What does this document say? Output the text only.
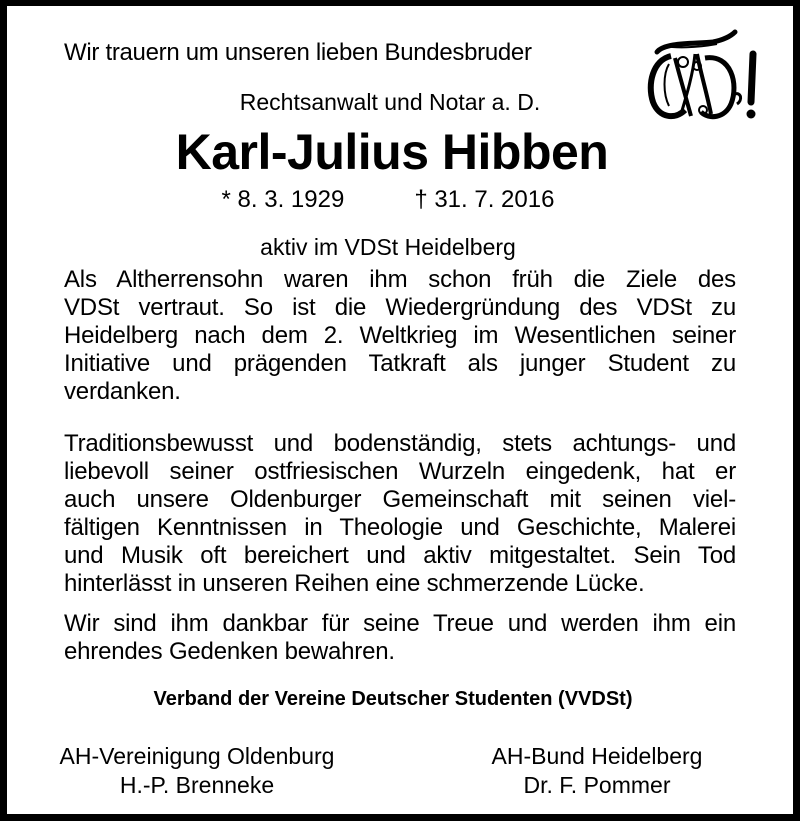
Wir trauern um unseren lieben Bundesbruder
Rechtsanwalt und Notar a. D.
Karl-Julius Hibben
* 8. 3. 1929	† 31. 7. 2016
aktiv im VDSt Heidelberg
Als Altherrensohn waren ihm schon früh die Ziele des
VDSt vertraut. So ist die Wiedergründung des VDSt zu
Heidelberg nach dem 2. Weltkrieg im Wesentlichen seiner
Initiative und prägenden Tatkraft als junger Student zu
verdanken.
Traditionsbewusst und bodenständig, stets achtungs- und
liebevoll seiner ostfriesischen Wurzeln eingedenk, hat er
auch unsere Oldenburger Gemeinschaft mit seinen viel-
fältigen Kenntnissen in Theologie und Geschichte, Malerei
und Musik oft bereichert und aktiv mitgestaltet. Sein Tod
hinterlässt in unseren Reihen eine schmerzende Lücke.
Wir sind ihm dankbar für seine Treue und werden ihm ein
ehrendes Gedenken bewahren.
Verband der Vereine Deutscher Studenten (VVDSt)
AH-Vereinigung Oldenburg
H.-P. Brenneke
AH-Bund Heidelberg
Dr. F. Pommer
